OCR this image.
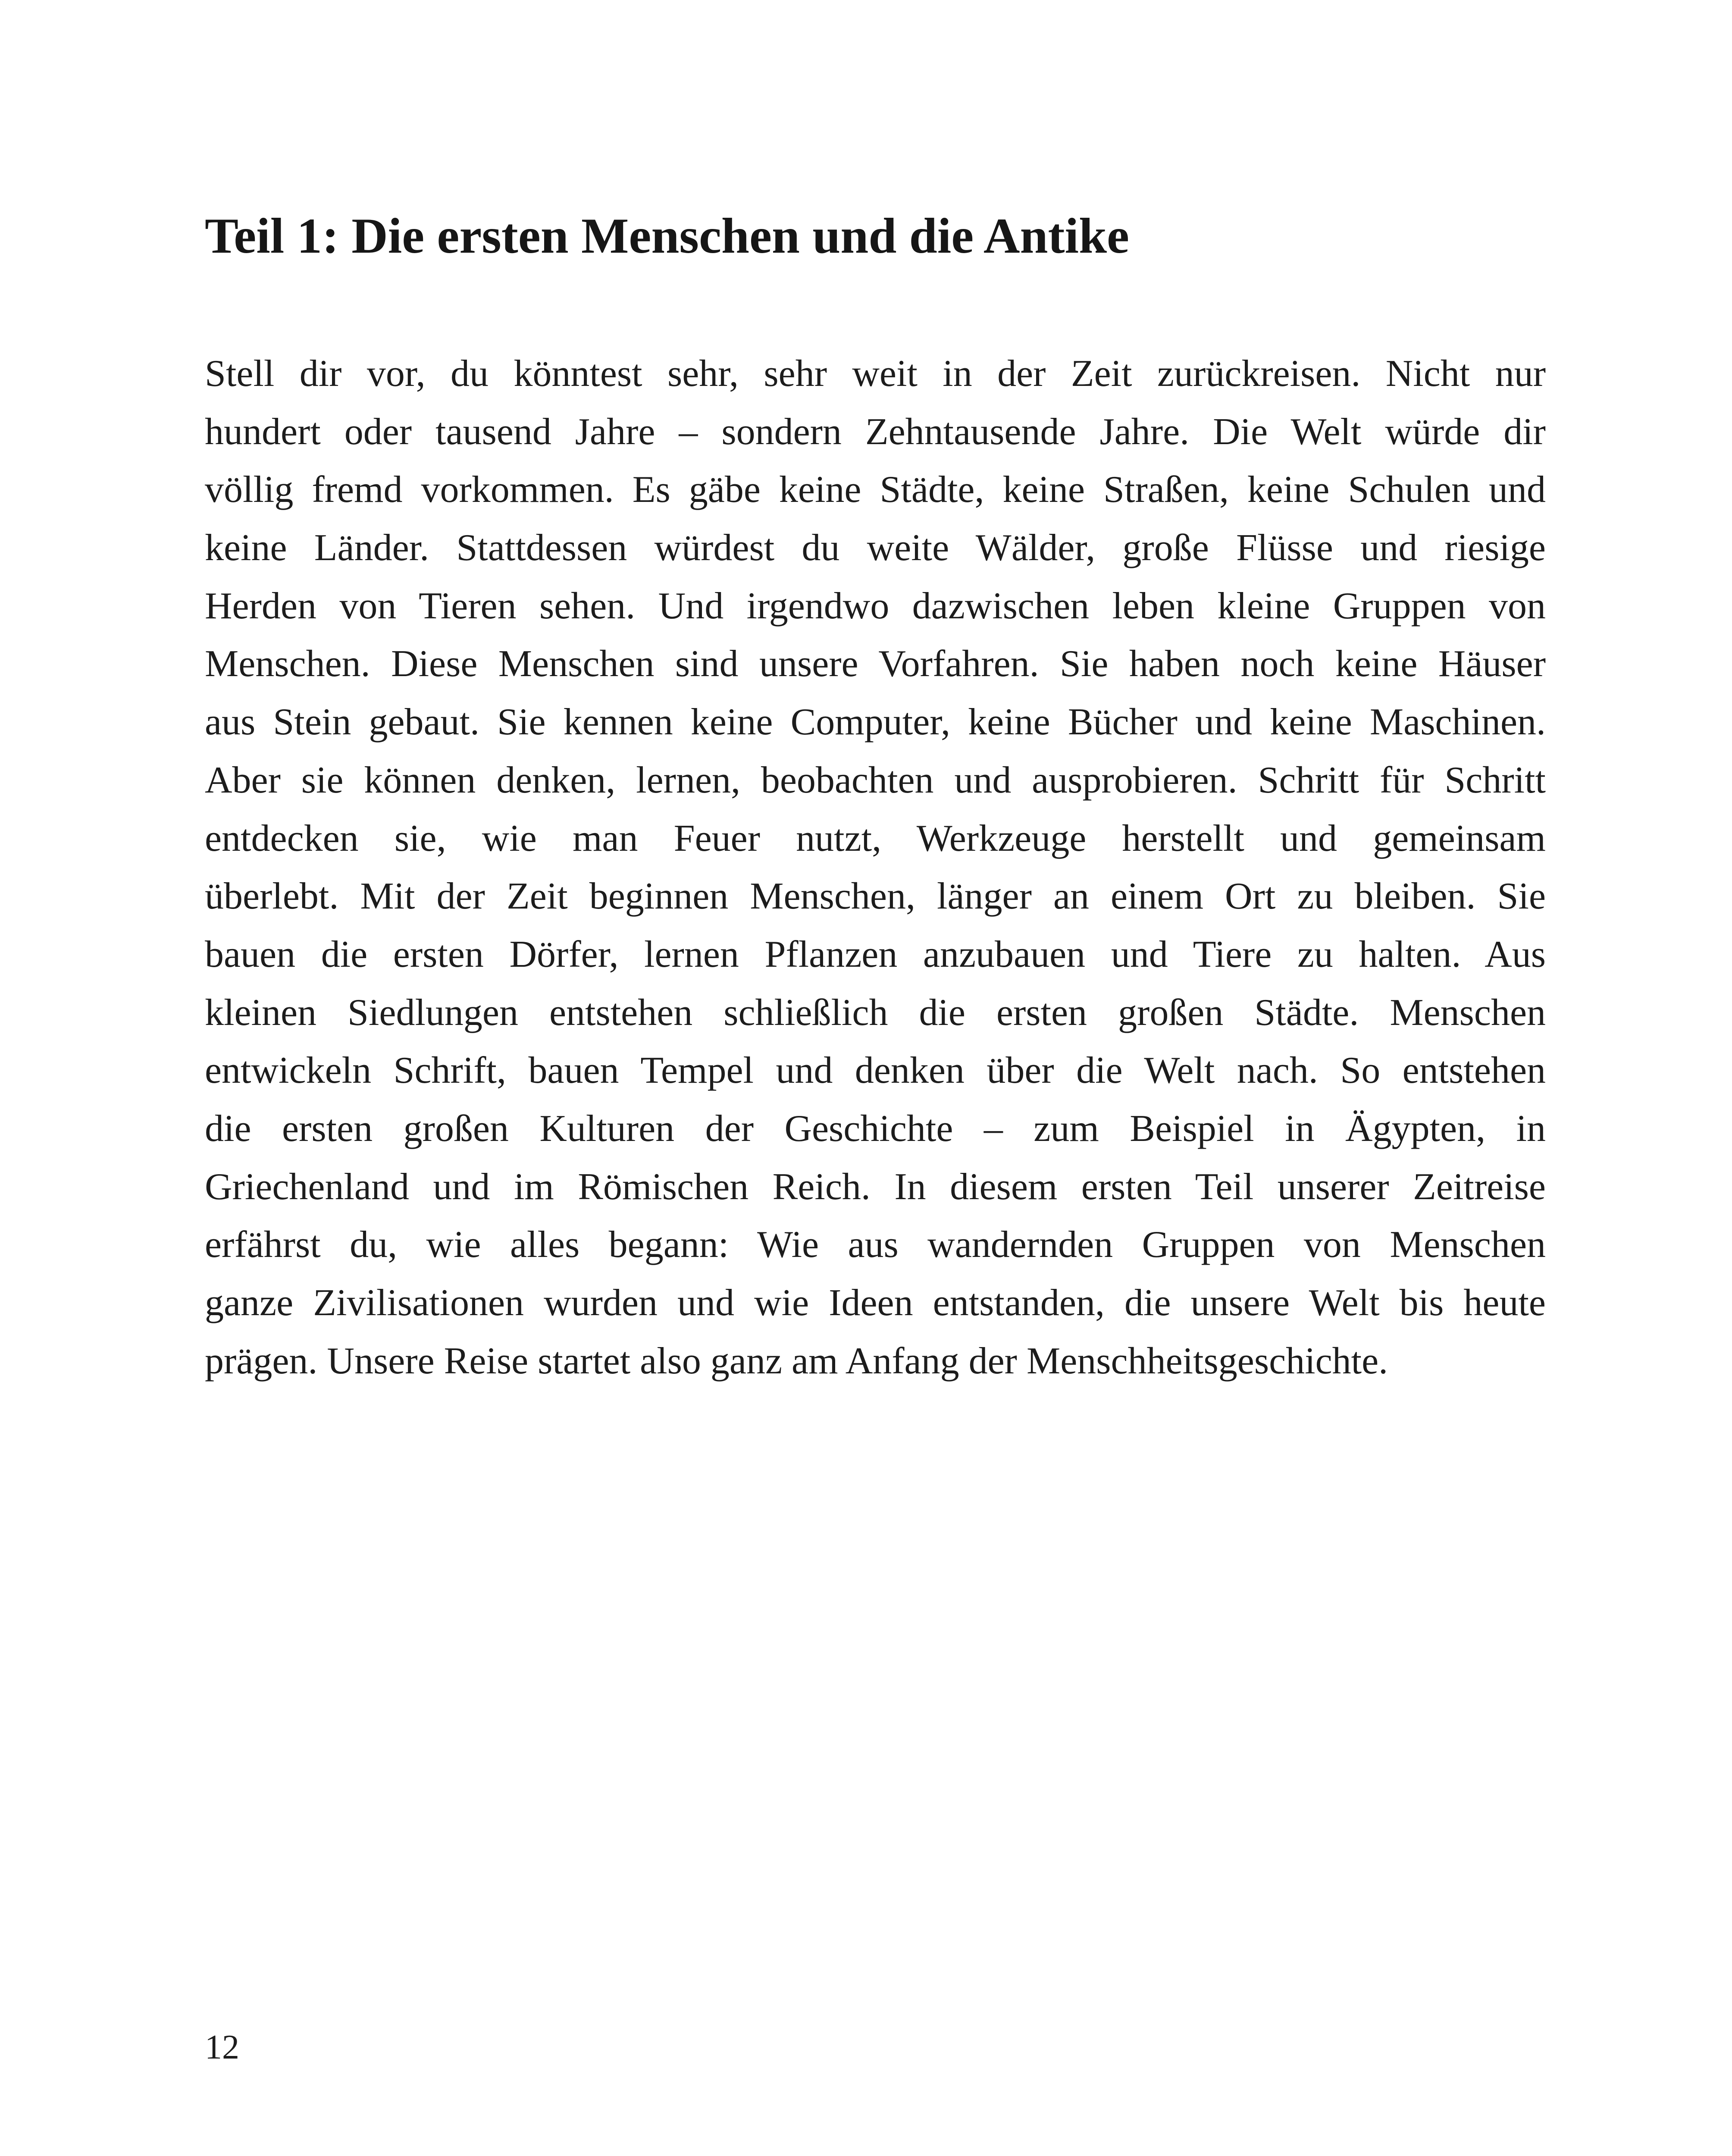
Teil 1: Die ersten Menschen und die Antike
Stell dir vor, du könntest sehr, sehr weit in der Zeit zurückreisen. Nicht nur
hundert oder tausend Jahre – sondern Zehntausende Jahre. Die Welt würde dir
völlig fremd vorkommen. Es gäbe keine Städte, keine Straßen, keine Schulen und
keine Länder. Stattdessen würdest du weite Wälder, große Flüsse und riesige
Herden von Tieren sehen. Und irgendwo dazwischen leben kleine Gruppen von
Menschen. Diese Menschen sind unsere Vorfahren. Sie haben noch keine Häuser
aus Stein gebaut. Sie kennen keine Computer, keine Bücher und keine Maschinen.
Aber sie können denken, lernen, beobachten und ausprobieren. Schritt für Schritt
entdecken sie, wie man Feuer nutzt, Werkzeuge herstellt und gemeinsam
überlebt. Mit der Zeit beginnen Menschen, länger an einem Ort zu bleiben. Sie
bauen die ersten Dörfer, lernen Pflanzen anzubauen und Tiere zu halten. Aus
kleinen Siedlungen entstehen schließlich die ersten großen Städte. Menschen
entwickeln Schrift, bauen Tempel und denken über die Welt nach. So entstehen
die ersten großen Kulturen der Geschichte – zum Beispiel in Ägypten, in
Griechenland und im Römischen Reich. In diesem ersten Teil unserer Zeitreise
erfährst du, wie alles begann: Wie aus wandernden Gruppen von Menschen
ganze Zivilisationen wurden und wie Ideen entstanden, die unsere Welt bis heute
prägen. Unsere Reise startet also ganz am Anfang der Menschheitsgeschichte.
12
